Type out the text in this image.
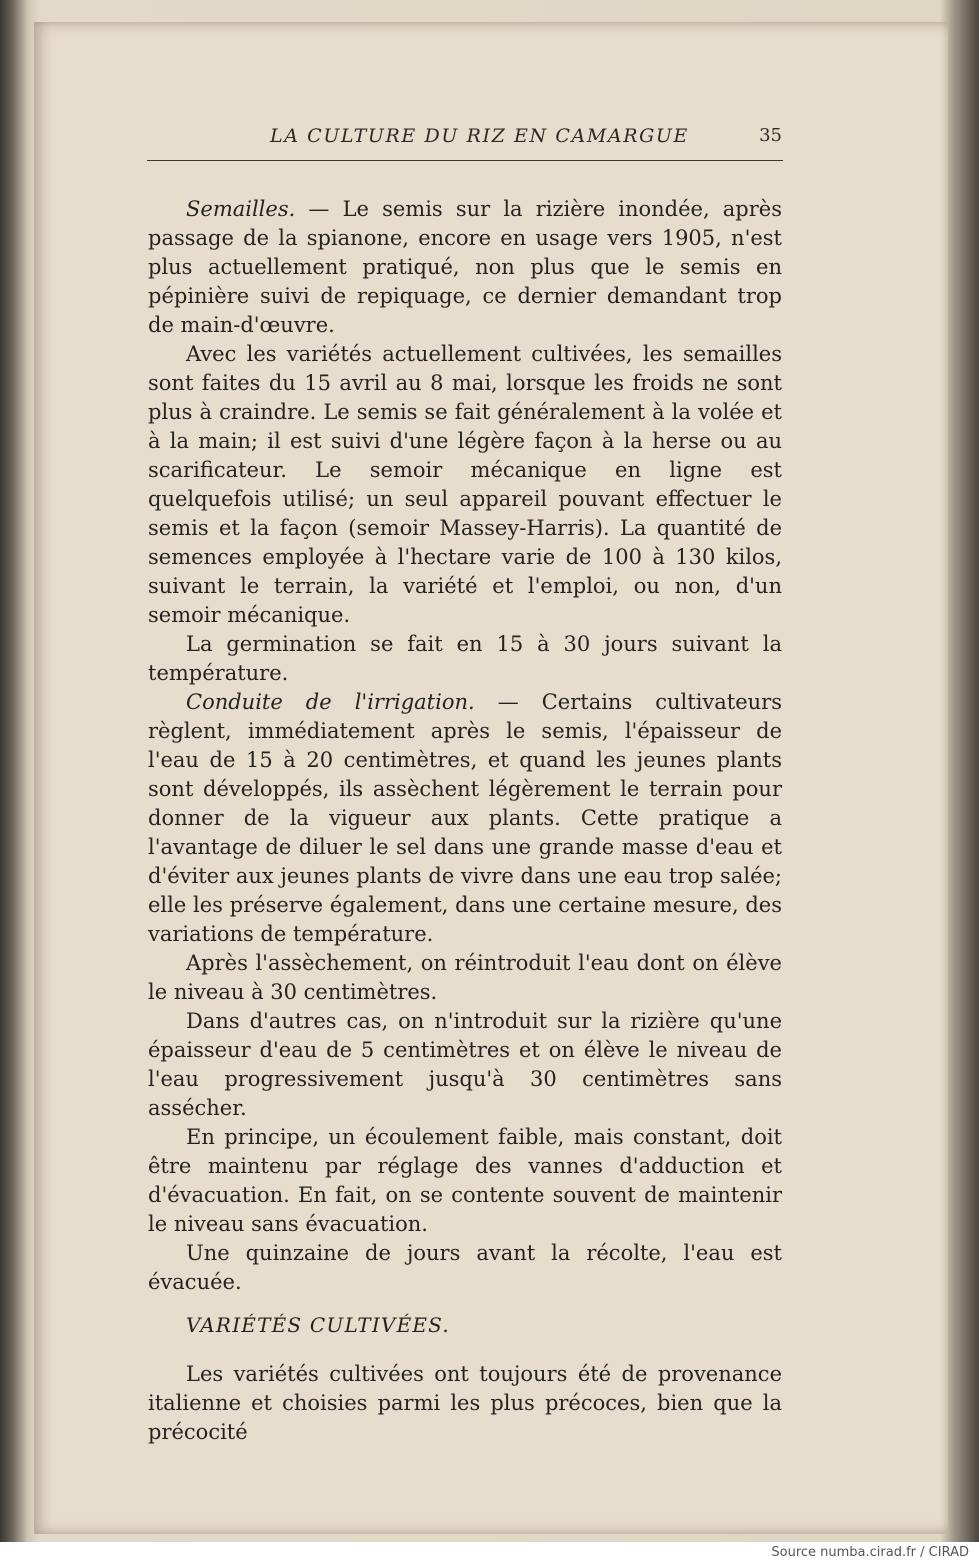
LA CULTURE DU RIZ EN CAMARGUE	35

Semailles. — Le semis sur la rizière inondée, après passage de la spianone, encore en usage vers 1905, n'est plus actuellement pratiqué, non plus que le semis en pépinière suivi de repiquage, ce dernier demandant trop de main-d'œuvre.

Avec les variétés actuellement cultivées, les semailles sont faites du 15 avril au 8 mai, lorsque les froids ne sont plus à craindre. Le semis se fait généralement à la volée et à la main; il est suivi d'une légère façon à la herse ou au scarificateur. Le semoir mécanique en ligne est quelquefois utilisé; un seul appareil pouvant effectuer le semis et la façon (semoir Massey-Harris). La quantité de semences employée à l'hectare varie de 100 à 130 kilos, suivant le terrain, la variété et l'emploi, ou non, d'un semoir mécanique.

La germination se fait en 15 à 30 jours suivant la température.

Conduite de l'irrigation. — Certains cultivateurs règlent, immédiatement après le semis, l'épaisseur de l'eau de 15 à 20 centimètres, et quand les jeunes plants sont développés, ils assèchent légèrement le terrain pour donner de la vigueur aux plants. Cette pratique a l'avantage de diluer le sel dans une grande masse d'eau et d'éviter aux jeunes plants de vivre dans une eau trop salée; elle les préserve également, dans une certaine mesure, des variations de température.

Après l'assèchement, on réintroduit l'eau dont on élève le niveau à 30 centimètres.

Dans d'autres cas, on n'introduit sur la rizière qu'une épaisseur d'eau de 5 centimètres et on élève le niveau de l'eau progressivement jusqu'à 30 centimètres sans assécher.

En principe, un écoulement faible, mais constant, doit être maintenu par réglage des vannes d'adduction et d'évacuation. En fait, on se contente souvent de maintenir le niveau sans évacuation.

Une quinzaine de jours avant la récolte, l'eau est évacuée.

VARIÉTÉS CULTIVÉES.

Les variétés cultivées ont toujours été de provenance italienne et choisies parmi les plus précoces, bien que la précocité

Source numba.cirad.fr / CIRAD
